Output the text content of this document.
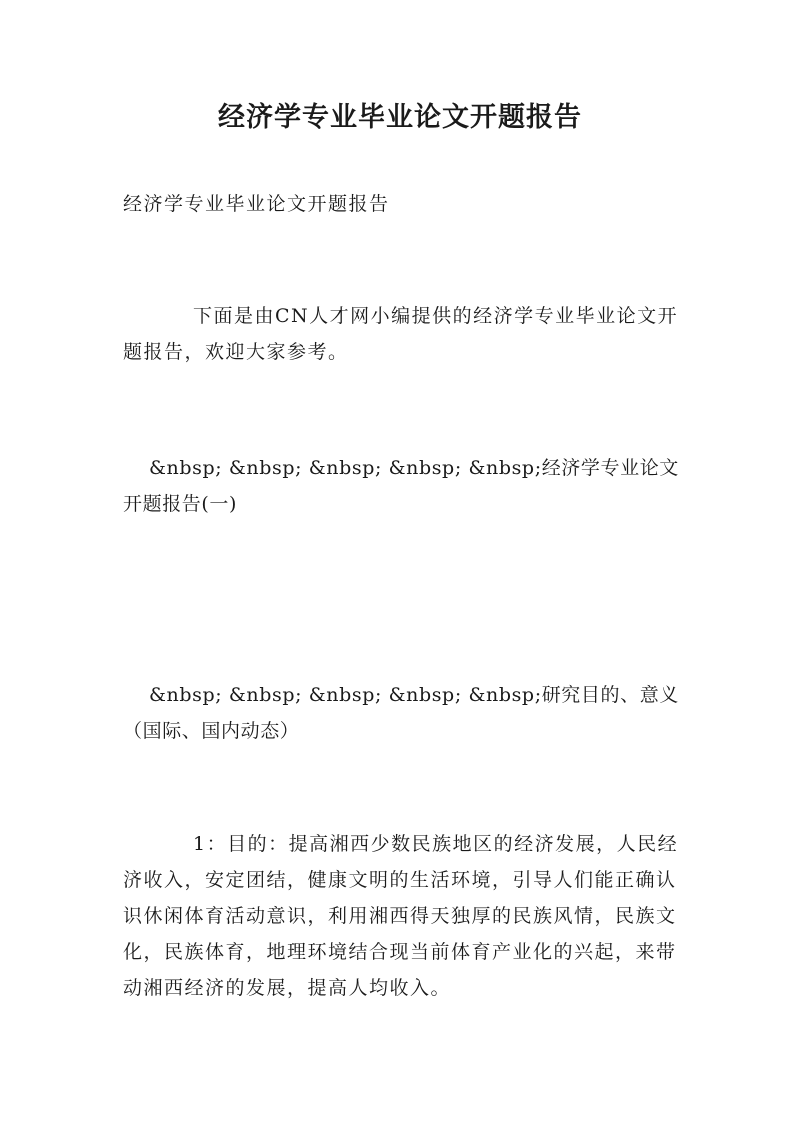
经济学专业毕业论文开题报告

经济学专业毕业论文开题报告

下面是由CN人才网小编提供的经济学专业毕业论文开题报告，欢迎大家参考。

&nbsp; &nbsp; &nbsp; &nbsp; &nbsp;经济学专业论文开题报告(一)

&nbsp; &nbsp; &nbsp; &nbsp; &nbsp;研究目的、意义（国际、国内动态）

1：目的：提高湘西少数民族地区的经济发展，人民经济收入，安定团结，健康文明的生活环境，引导人们能正确认识休闲体育活动意识，利用湘西得天独厚的民族风情，民族文化，民族体育，地理环境结合现当前体育产业化的兴起，来带动湘西经济的发展，提高人均收入。
